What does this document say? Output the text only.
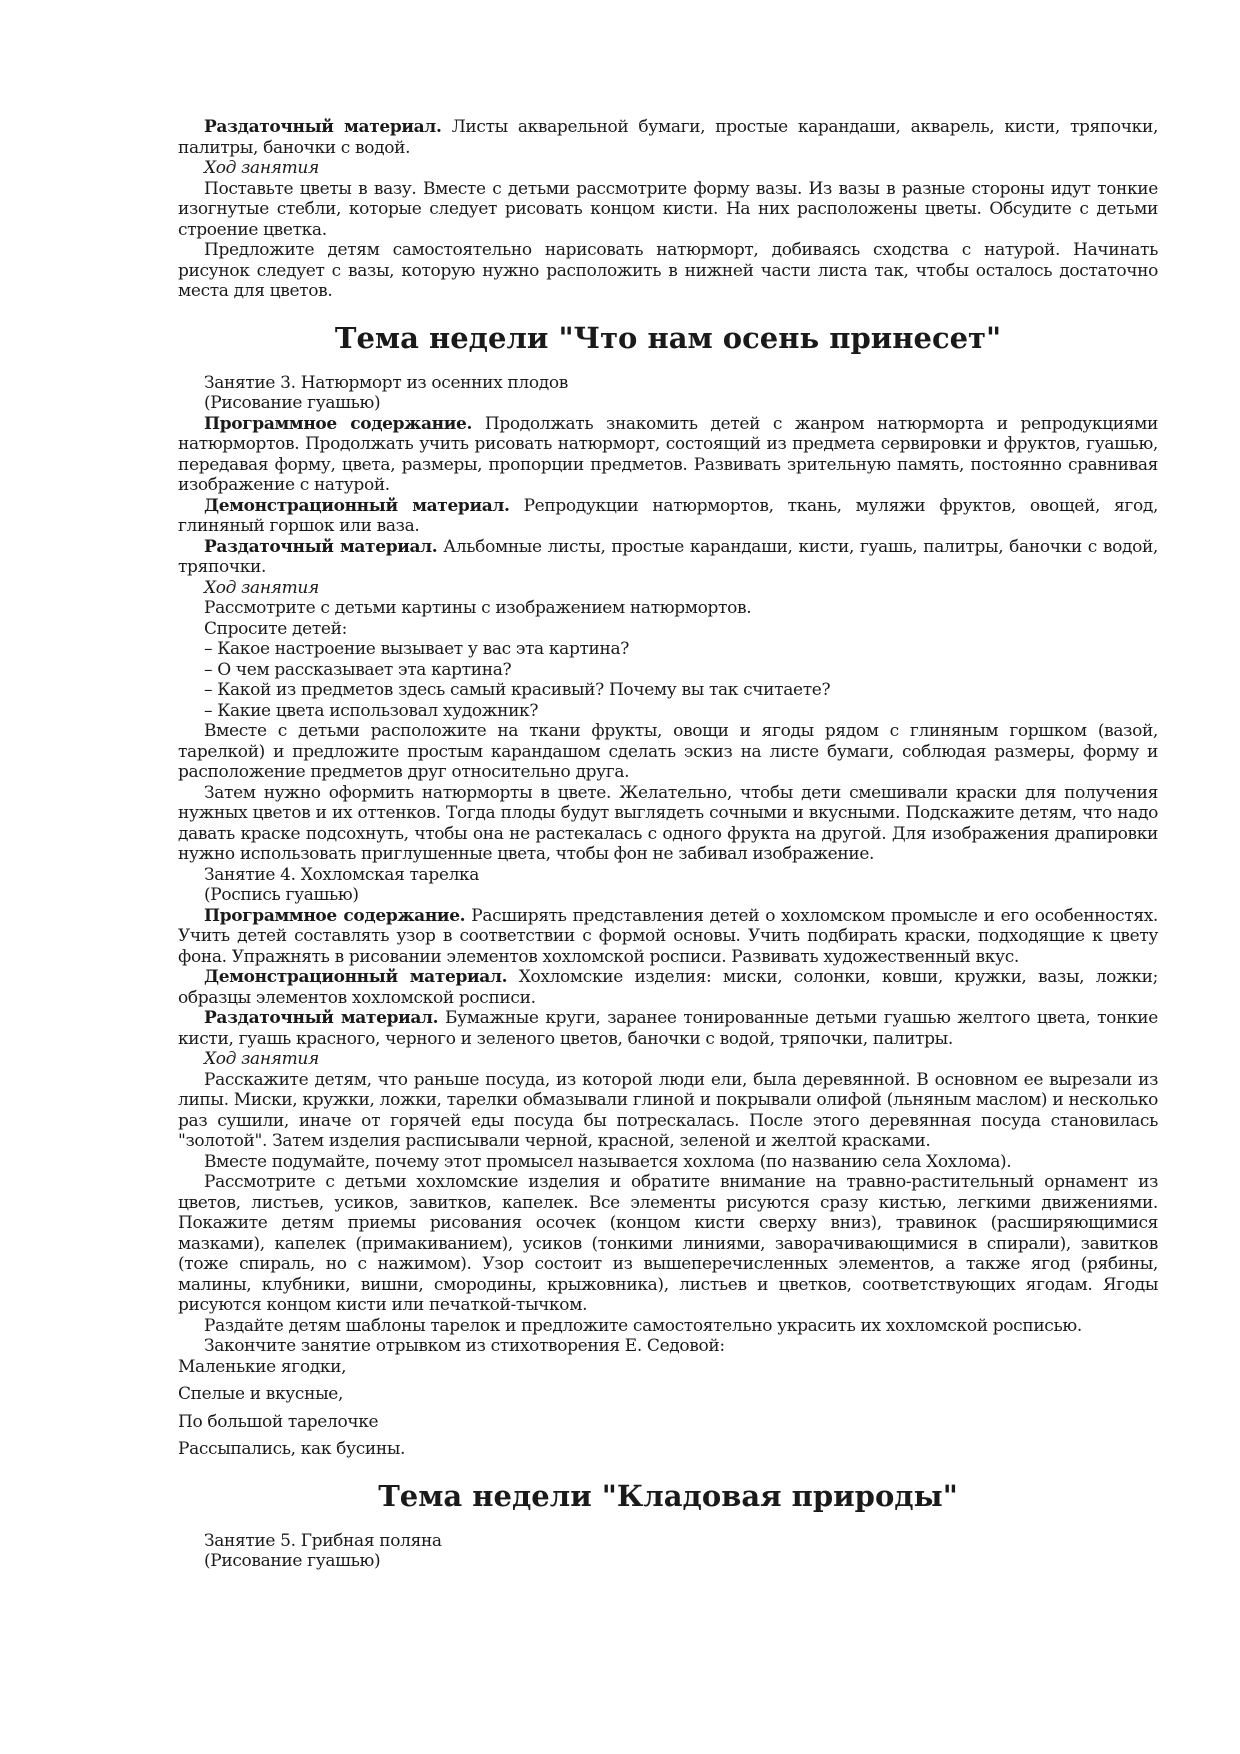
Раздаточный материал. Листы акварельной бумаги, простые карандаши, акварель, кисти, тряпочки, палитры, баночки с водой.

Ход занятия

Поставьте цветы в вазу. Вместе с детьми рассмотрите форму вазы. Из вазы в разные стороны идут тонкие изогнутые стебли, которые следует рисовать концом кисти. На них расположены цветы. Обсудите с детьми строение цветка.

Предложите детям самостоятельно нарисовать натюрморт, добиваясь сходства с натурой. Начинать рисунок следует с вазы, которую нужно расположить в нижней части листа так, чтобы осталось достаточно места для цветов.

Тема недели "Что нам осень принесет"

Занятие 3. Натюрморт из осенних плодов

(Рисование гуашью)

Программное содержание. Продолжать знакомить детей с жанром натюрморта и репродукциями натюрмортов. Продолжать учить рисовать натюрморт, состоящий из предмета сервировки и фруктов, гуашью, передавая форму, цвета, размеры, пропорции предметов. Развивать зрительную память, постоянно сравнивая изображение с натурой.

Демонстрационный материал. Репродукции натюрмортов, ткань, муляжи фруктов, овощей, ягод, глиняный горшок или ваза.

Раздаточный материал. Альбомные листы, простые карандаши, кисти, гуашь, палитры, баночки с водой, тряпочки.

Ход занятия

Рассмотрите с детьми картины с изображением натюрмортов.

Спросите детей:

– Какое настроение вызывает у вас эта картина?

– О чем рассказывает эта картина?

– Какой из предметов здесь самый красивый? Почему вы так считаете?

– Какие цвета использовал художник?

Вместе с детьми расположите на ткани фрукты, овощи и ягоды рядом с глиняным горшком (вазой, тарелкой) и предложите простым карандашом сделать эскиз на листе бумаги, соблюдая размеры, форму и расположение предметов друг относительно друга.

Затем нужно оформить натюрморты в цвете. Желательно, чтобы дети смешивали краски для получения нужных цветов и их оттенков. Тогда плоды будут выглядеть сочными и вкусными. Подскажите детям, что надо давать краске подсохнуть, чтобы она не растекалась с одного фрукта на другой. Для изображения драпировки нужно использовать приглушенные цвета, чтобы фон не забивал изображение.

Занятие 4. Хохломская тарелка

(Роспись гуашью)

Программное содержание. Расширять представления детей о хохломском промысле и его особенностях. Учить детей составлять узор в соответствии с формой основы. Учить подбирать краски, подходящие к цвету фона. Упражнять в рисовании элементов хохломской росписи. Развивать художественный вкус.

Демонстрационный материал. Хохломские изделия: миски, солонки, ковши, кружки, вазы, ложки; образцы элементов хохломской росписи.

Раздаточный материал. Бумажные круги, заранее тонированные детьми гуашью желтого цвета, тонкие кисти, гуашь красного, черного и зеленого цветов, баночки с водой, тряпочки, палитры.

Ход занятия

Расскажите детям, что раньше посуда, из которой люди ели, была деревянной. В основном ее вырезали из липы. Миски, кружки, ложки, тарелки обмазывали глиной и покрывали олифой (льняным маслом) и несколько раз сушили, иначе от горячей еды посуда бы потрескалась. После этого деревянная посуда становилась "золотой". Затем изделия расписывали черной, красной, зеленой и желтой красками.

Вместе подумайте, почему этот промысел называется хохлома (по названию села Хохлома).

Рассмотрите с детьми хохломские изделия и обратите внимание на травно-растительный орнамент из цветов, листьев, усиков, завитков, капелек. Все элементы рисуются сразу кистью, легкими движениями. Покажите детям приемы рисования осочек (концом кисти сверху вниз), травинок (расширяющимися мазками), капелек (примакиванием), усиков (тонкими линиями, заворачивающимися в спирали), завитков (тоже спираль, но с нажимом). Узор состоит из вышеперечисленных элементов, а также ягод (рябины, малины, клубники, вишни, смородины, крыжовника), листьев и цветков, соответствующих ягодам. Ягоды рисуются концом кисти или печаткой-тычком.

Раздайте детям шаблоны тарелок и предложите самостоятельно украсить их хохломской росписью.

Закончите занятие отрывком из стихотворения Е. Седовой:

Маленькие ягодки,

Спелые и вкусные,

По большой тарелочке

Рассыпались, как бусины.

Тема недели "Кладовая природы"

Занятие 5. Грибная поляна

(Рисование гуашью)
